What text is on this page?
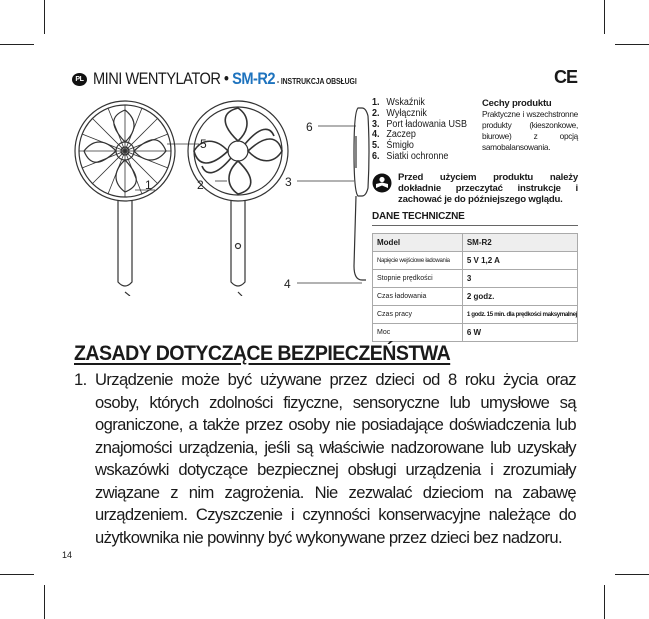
PL MINI WENTYLATOR • SM-R2 - INSTRUKCJA OBSŁUGI	CE
1	2	3
4
5
6
1. Wskaźnik
2. Wyłącznik
3. Port ładowania USB
4. Zaczep
5. Śmigło
6. Siatki ochronne
Cechy produktu
Praktyczne i wszechstronne produkty (kieszonkowe, biurowe) z opcją samobalansowania.
Przed użyciem produktu należy dokładnie przeczytać instrukcje i zachować je do późniejszego wglądu.
DANE TECHNICZNE
Model	SM-R2
Napięcie wejściowe ładowania	5 V 1,2 A
Stopnie prędkości	3
Czas ładowania	2 godz.
Czas pracy	1 godz. 15 min. dla prędkości maksymalnej
Moc	6 W
ZASADY DOTYCZĄCE BEZPIECZEŃSTWA
1. Urządzenie może być używane przez dzieci od 8 roku życia oraz osoby, których zdolności fizyczne, sensoryczne lub umysłowe są ograniczone, a także przez osoby nie posiadające doświadczenia lub znajomości urządzenia, jeśli są właściwie nadzorowane lub uzyskały wskazówki dotyczące bezpiecznej obsługi urządzenia i zrozumiały związane z nim zagrożenia. Nie zezwalać dzieciom na zabawę urządzeniem. Czyszczenie i czynności konserwacyjne należące do użytkownika nie powinny być wykonywane przez dzieci bez nadzoru.
14
